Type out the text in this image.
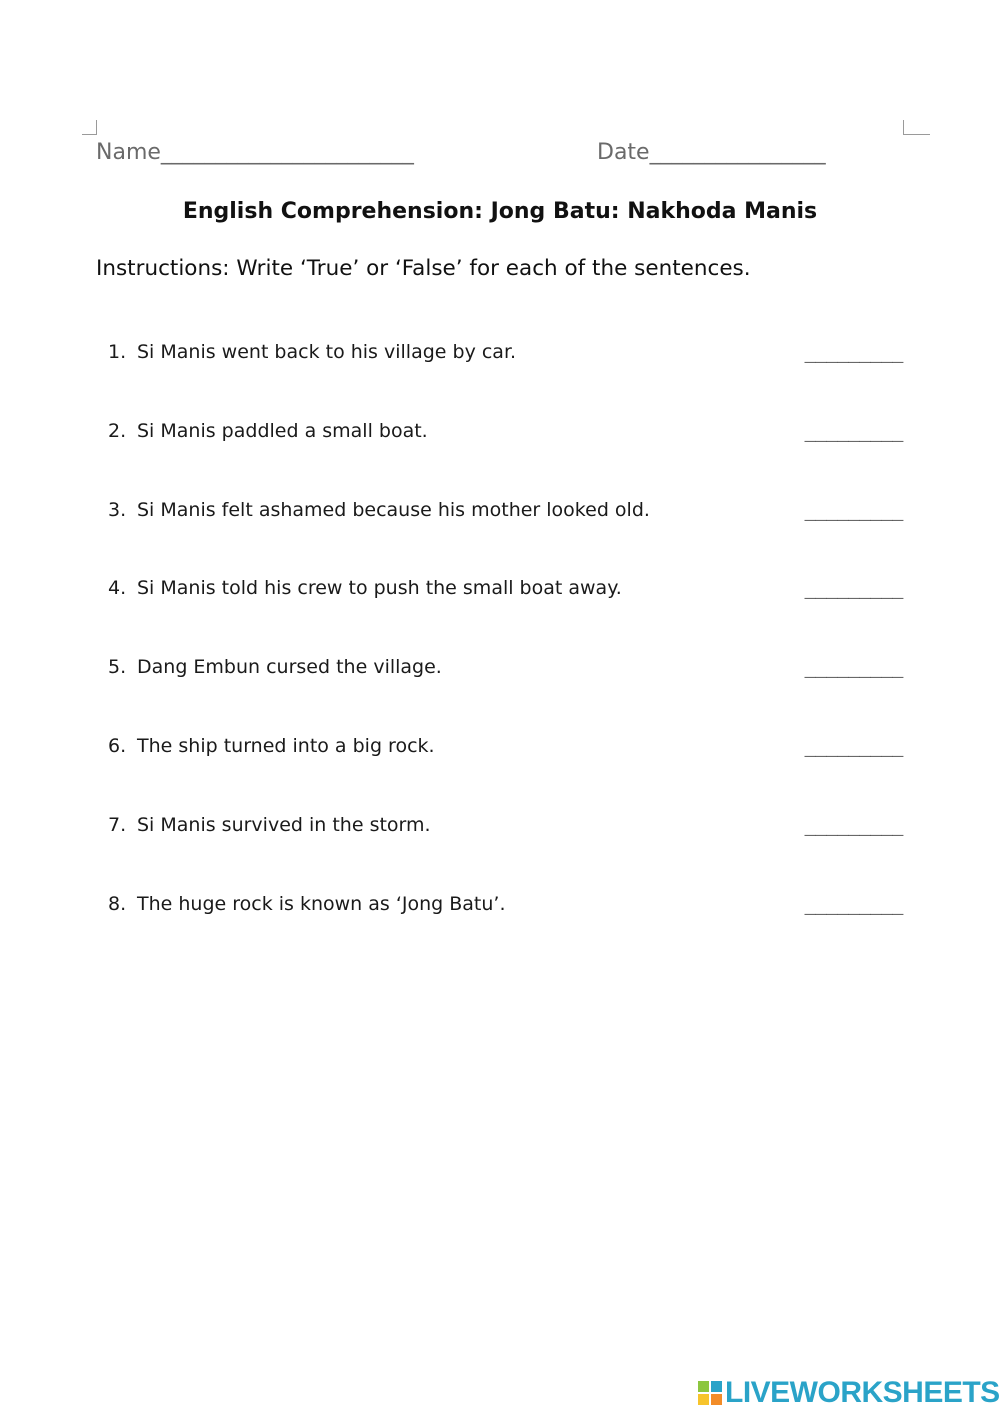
Name_______________________	Date________________
English Comprehension: Jong Batu: Nakhoda Manis
Instructions: Write ‘True’ or ‘False’ for each of the sentences.
1. Si Manis went back to his village by car.	_________
2. Si Manis paddled a small boat.	_________
3. Si Manis felt ashamed because his mother looked old.	_________
4. Si Manis told his crew to push the small boat away.	_________
5. Dang Embun cursed the village.	_________
6. The ship turned into a big rock.	_________
7. Si Manis survived in the storm.	_________
8. The huge rock is known as ‘Jong Batu’.	_________
LIVEWORKSHEETS
